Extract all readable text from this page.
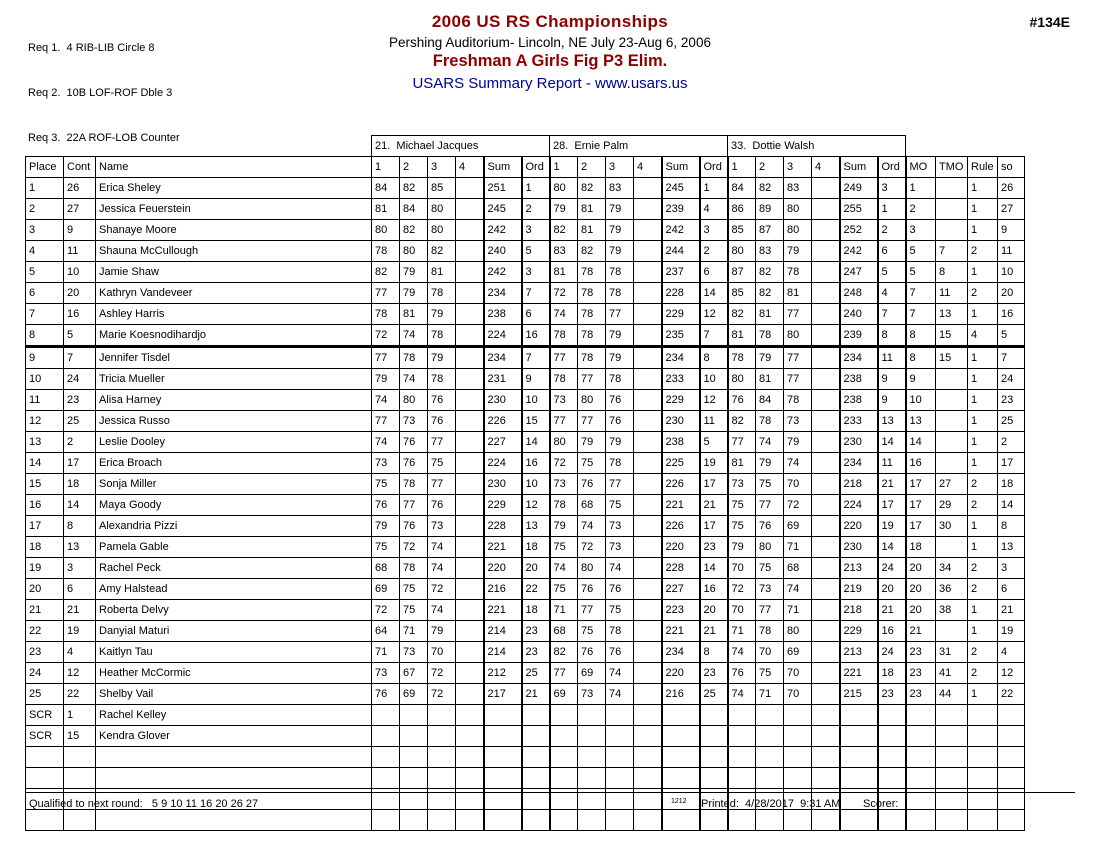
Req 1.  4 RIB-LIB Circle 8

Req 2.  10B LOF-ROF Dble 3

Req 3.  22A ROF-LOB Counter

2006 US RS Championships
Pershing Auditorium- Lincoln, NE July 23-Aug 6, 2006
Freshman A Girls Fig P3 Elim.
USARS Summary Report - www.usars.us
#134E
			21.  Michael Jacques						28.  Ernie Palm						33.  Dottie Walsh									
Place	Cont	Name	1	2	3	4	Sum	Ord	1	2	3	4	Sum	Ord	1	2	3	4	Sum	Ord	MO	TMO	Rule	so
1	26	Erica Sheley	84	82	85		251	1	80	82	83		245	1	84	82	83		249	3	1		1	26
2	27	Jessica Feuerstein	81	84	80		245	2	79	81	79		239	4	86	89	80		255	1	2		1	27
3	9	Shanaye Moore	80	82	80		242	3	82	81	79		242	3	85	87	80		252	2	3		1	9
4	11	Shauna McCullough	78	80	82		240	5	83	82	79		244	2	80	83	79		242	6	5	7	2	11
5	10	Jamie Shaw	82	79	81		242	3	81	78	78		237	6	87	82	78		247	5	5	8	1	10
6	20	Kathryn Vandeveer	77	79	78		234	7	72	78	78		228	14	85	82	81		248	4	7	11	2	20
7	16	Ashley Harris	78	81	79		238	6	74	78	77		229	12	82	81	77		240	7	7	13	1	16
8	5	Marie Koesnodihardjo	72	74	78		224	16	78	78	79		235	7	81	78	80		239	8	8	15	4	5
9	7	Jennifer Tisdel	77	78	79		234	7	77	78	79		234	8	78	79	77		234	11	8	15	1	7
10	24	Tricia Mueller	79	74	78		231	9	78	77	78		233	10	80	81	77		238	9	9		1	24
11	23	Alisa Harney	74	80	76		230	10	73	80	76		229	12	76	84	78		238	9	10		1	23
12	25	Jessica Russo	77	73	76		226	15	77	77	76		230	11	82	78	73		233	13	13		1	25
13	2	Leslie Dooley	74	76	77		227	14	80	79	79		238	5	77	74	79		230	14	14		1	2
14	17	Erica Broach	73	76	75		224	16	72	75	78		225	19	81	79	74		234	11	16		1	17
15	18	Sonja Miller	75	78	77		230	10	73	76	77		226	17	73	75	70		218	21	17	27	2	18
16	14	Maya Goody	76	77	76		229	12	78	68	75		221	21	75	77	72		224	17	17	29	2	14
17	8	Alexandria Pizzi	79	76	73		228	13	79	74	73		226	17	75	76	69		220	19	17	30	1	8
18	13	Pamela Gable	75	72	74		221	18	75	72	73		220	23	79	80	71		230	14	18		1	13
19	3	Rachel Peck	68	78	74		220	20	74	80	74		228	14	70	75	68		213	24	20	34	2	3
20	6	Amy Halstead	69	75	72		216	22	75	76	76		227	16	72	73	74		219	20	20	36	2	6
21	21	Roberta Delvy	72	75	74		221	18	71	77	75		223	20	70	77	71		218	21	20	38	1	21
22	19	Danyial Maturi	64	71	79		214	23	68	75	78		221	21	71	78	80		229	16	21		1	19
23	4	Kaitlyn Tau	71	73	70		214	23	82	76	76		234	8	74	70	69		213	24	23	31	2	4
24	12	Heather McCormic	73	67	72		212	25	77	69	74		220	23	76	75	70		221	18	23	41	2	12
25	22	Shelby Vail	76	69	72		217	21	69	73	74		216	25	74	71	70		215	23	23	44	1	22
SCR	1	Rachel Kelley																						
SCR	15	Kendra Glover																						

Qualified to next round:   5 9 10 11 16 20 26 27	1212 Printed:  4/28/2017  9:31 AM Scorer:
